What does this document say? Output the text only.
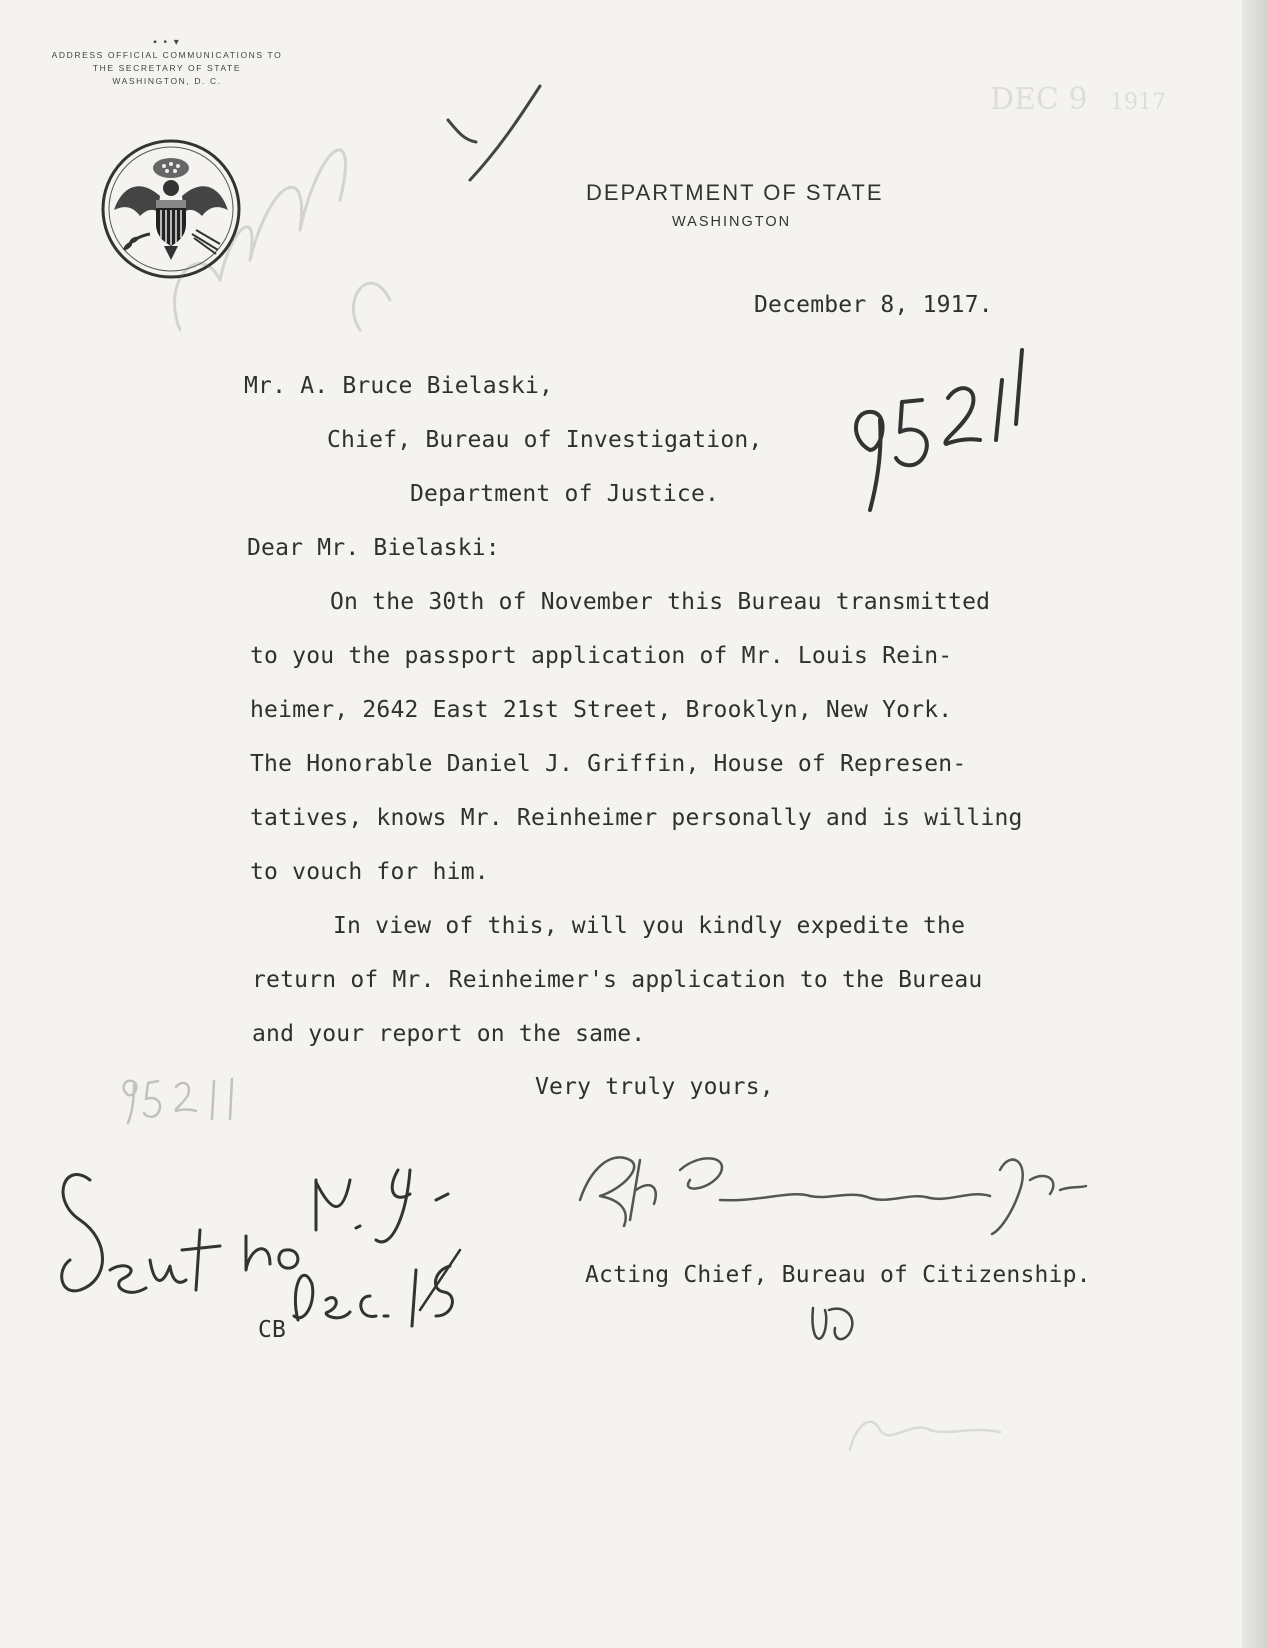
▪ • ▾
ADDRESS OFFICIAL COMMUNICATIONS TO
THE SECRETARY OF STATE
WASHINGTON, D. C.
DEPARTMENT OF STATE
WASHINGTON
DEC 9 1917
December 8, 1917.
Mr. A. Bruce Bielaski,
Chief, Bureau of Investigation,
Department of Justice.
Dear Mr. Bielaski:
On the 30th of November this Bureau transmitted
to you the passport application of Mr. Louis Rein-
heimer, 2642 East 21st Street, Brooklyn, New York.
The Honorable Daniel J. Griffin, House of Represen-
tatives, knows Mr. Reinheimer personally and is willing
to vouch for him.
In view of this, will you kindly expedite the
return of Mr. Reinheimer's application to the Bureau
and your report on the same.
Very truly yours,
Acting Chief, Bureau of Citizenship.
CB
